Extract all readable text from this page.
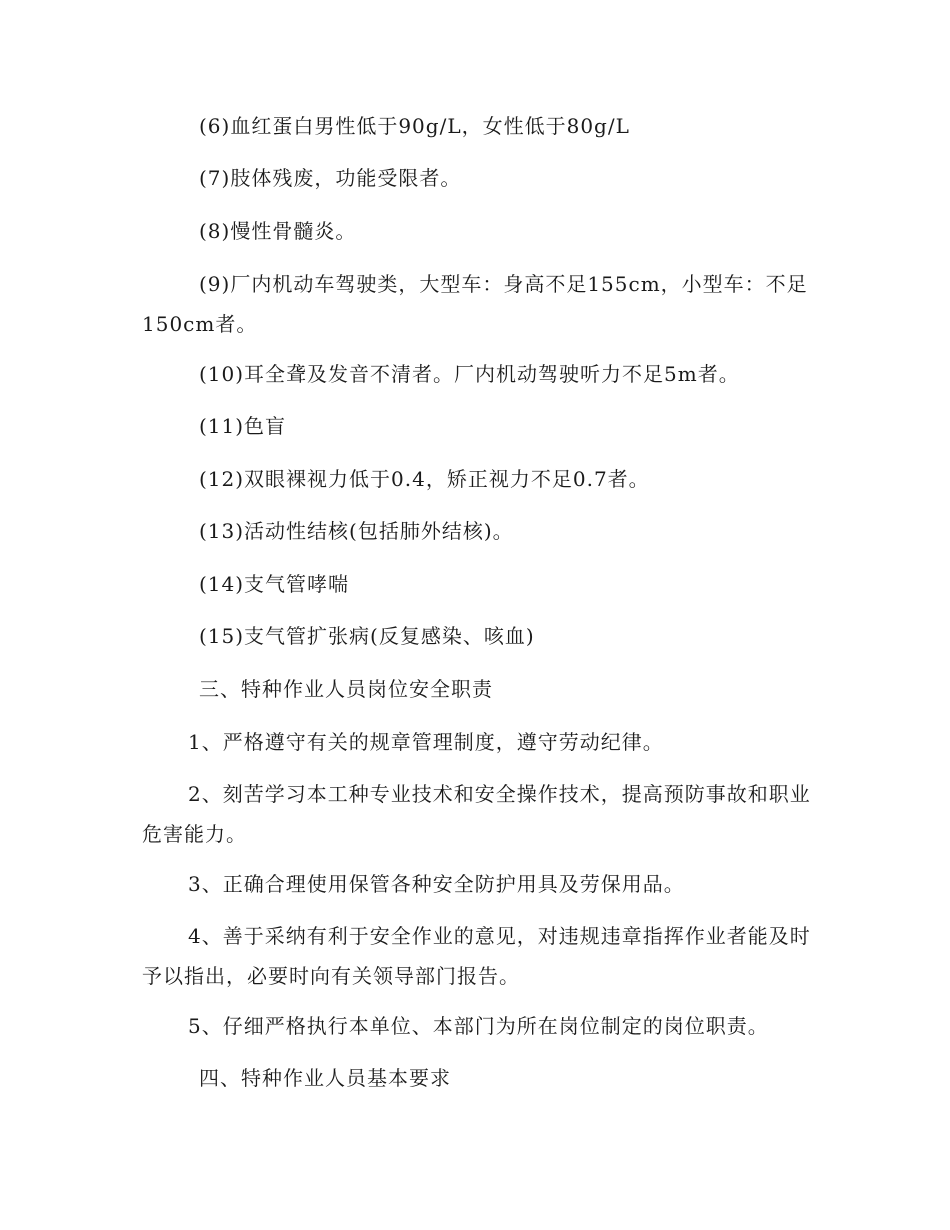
(6)血红蛋白男性低于90g/L，女性低于80g/L

(7)肢体残废，功能受限者。

(8)慢性骨髓炎。

(9)厂内机动车驾驶类，大型车：身高不足155cm，小型车：不足150cm者。

(10)耳全聋及发音不清者。厂内机动驾驶听力不足5m者。

(11)色盲

(12)双眼裸视力低于0.4，矫正视力不足0.7者。

(13)活动性结核(包括肺外结核)。

(14)支气管哮喘

(15)支气管扩张病(反复感染、咳血)

三、特种作业人员岗位安全职责

1、严格遵守有关的规章管理制度，遵守劳动纪律。

2、刻苦学习本工种专业技术和安全操作技术，提高预防事故和职业危害能力。

3、正确合理使用保管各种安全防护用具及劳保用品。

4、善于采纳有利于安全作业的意见，对违规违章指挥作业者能及时予以指出，必要时向有关领导部门报告。

5、仔细严格执行本单位、本部门为所在岗位制定的岗位职责。

四、特种作业人员基本要求
